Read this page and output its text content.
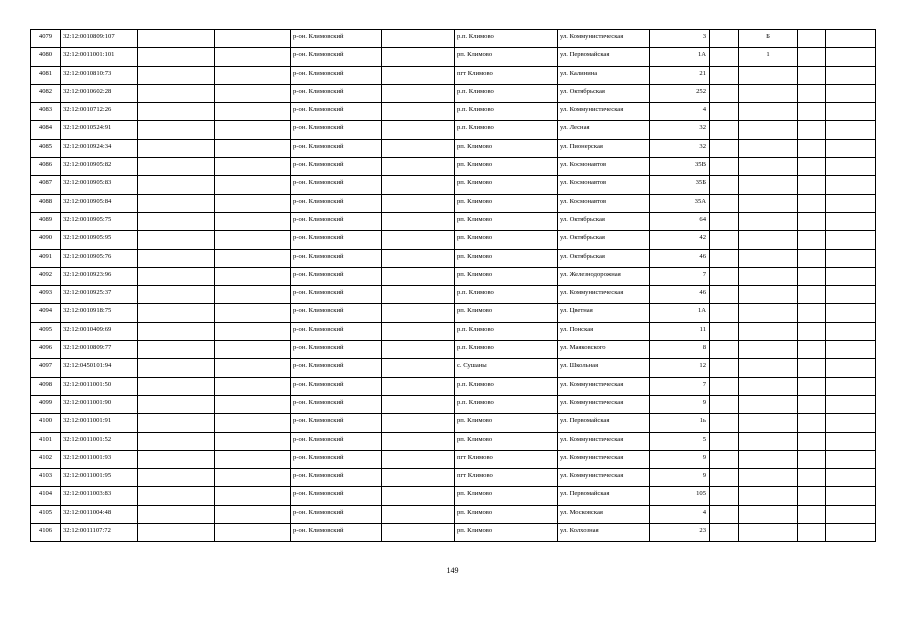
4079	32:12:0010809:107			р-он. Климовский		р.п. Климово	ул. Коммунистическая	3		Б		
4080	32:12:0011001:101			р-он. Климовский		рп. Климово	ул. Первомайская	1А		1		
4081	32:12:0010810:73			р-он. Климовский		пгт Климово	ул. Калинина	21				
4082	32:12:0010602:28			р-он. Климовский		р.п. Климово	ул. Октябрьская	252				
4083	32:12:0010712:26			р-он. Климовский		р.п. Климово	ул. Коммунистическая	4				
4084	32:12:0010524:91			р-он. Климовский		р.п. Климово	ул. Лесная	32				
4085	32:12:0010924:34			р-он. Климовский		рп. Климово	ул. Пионерская	32				
4086	32:12:0010905:82			р-он. Климовский		рп. Климово	ул. Космонавтов	35В				
4087	32:12:0010905:83			р-он. Климовский		рп. Климово	ул. Космонавтов	35Б				
4088	32:12:0010905:84			р-он. Климовский		рп. Климово	ул. Космонавтов	35А				
4089	32:12:0010905:75			р-он. Климовский		рп. Климово	ул. Октябрьская	64				
4090	32:12:0010905:95			р-он. Климовский		рп. Климово	ул. Октябрьская	42				
4091	32:12:0010905:76			р-он. Климовский		рп. Климово	ул. Октябрьская	46				
4092	32:12:0010923:96			р-он. Климовский		рп. Климово	ул. Железнодорожная	7				
4093	32:12:0010925:37			р-он. Климовский		р.п. Климово	ул. Коммунистическая	46				
4094	32:12:0010918:75			р-он. Климовский		рп. Климово	ул. Цветная	1А				
4095	32:12:0010409:69			р-он. Климовский		р.п. Климово	ул. Понская	11				
4096	32:12:0010809:77			р-он. Климовский		р.п. Климово	ул. Маяковского	8				
4097	32:12:0450101:94			р-он. Климовский		с. Сушаны	ул. Школьная	12				
4098	32:12:0011001:50			р-он. Климовский		р.п. Климово	ул. Коммунистическая	7				
4099	32:12:0011001:90			р-он. Климовский		р.п. Климово	ул. Коммунистическая	9				
4100	32:12:0011001:91			р-он. Климовский		рп. Климово	ул. Первомайская	1ь				
4101	32:12:0011001:52			р-он. Климовский		рп. Климово	ул. Коммунистическая	5				
4102	32:12:0011001:93			р-он. Климовский		пгт Климово	ул. Коммунистическая	9				
4103	32:12:0011001:95			р-он. Климовский		пгт Климово	ул. Коммунистическая	9				
4104	32:12:0011003:83			р-он. Климовский		рп. Климово	ул. Первомайская	105				
4105	32:12:0011004:48			р-он. Климовский		рп. Климово	ул. Московская	4				
4106	32:12:0011107:72			р-он. Климовский		рп. Климово	ул. Колхозная	23				
149
